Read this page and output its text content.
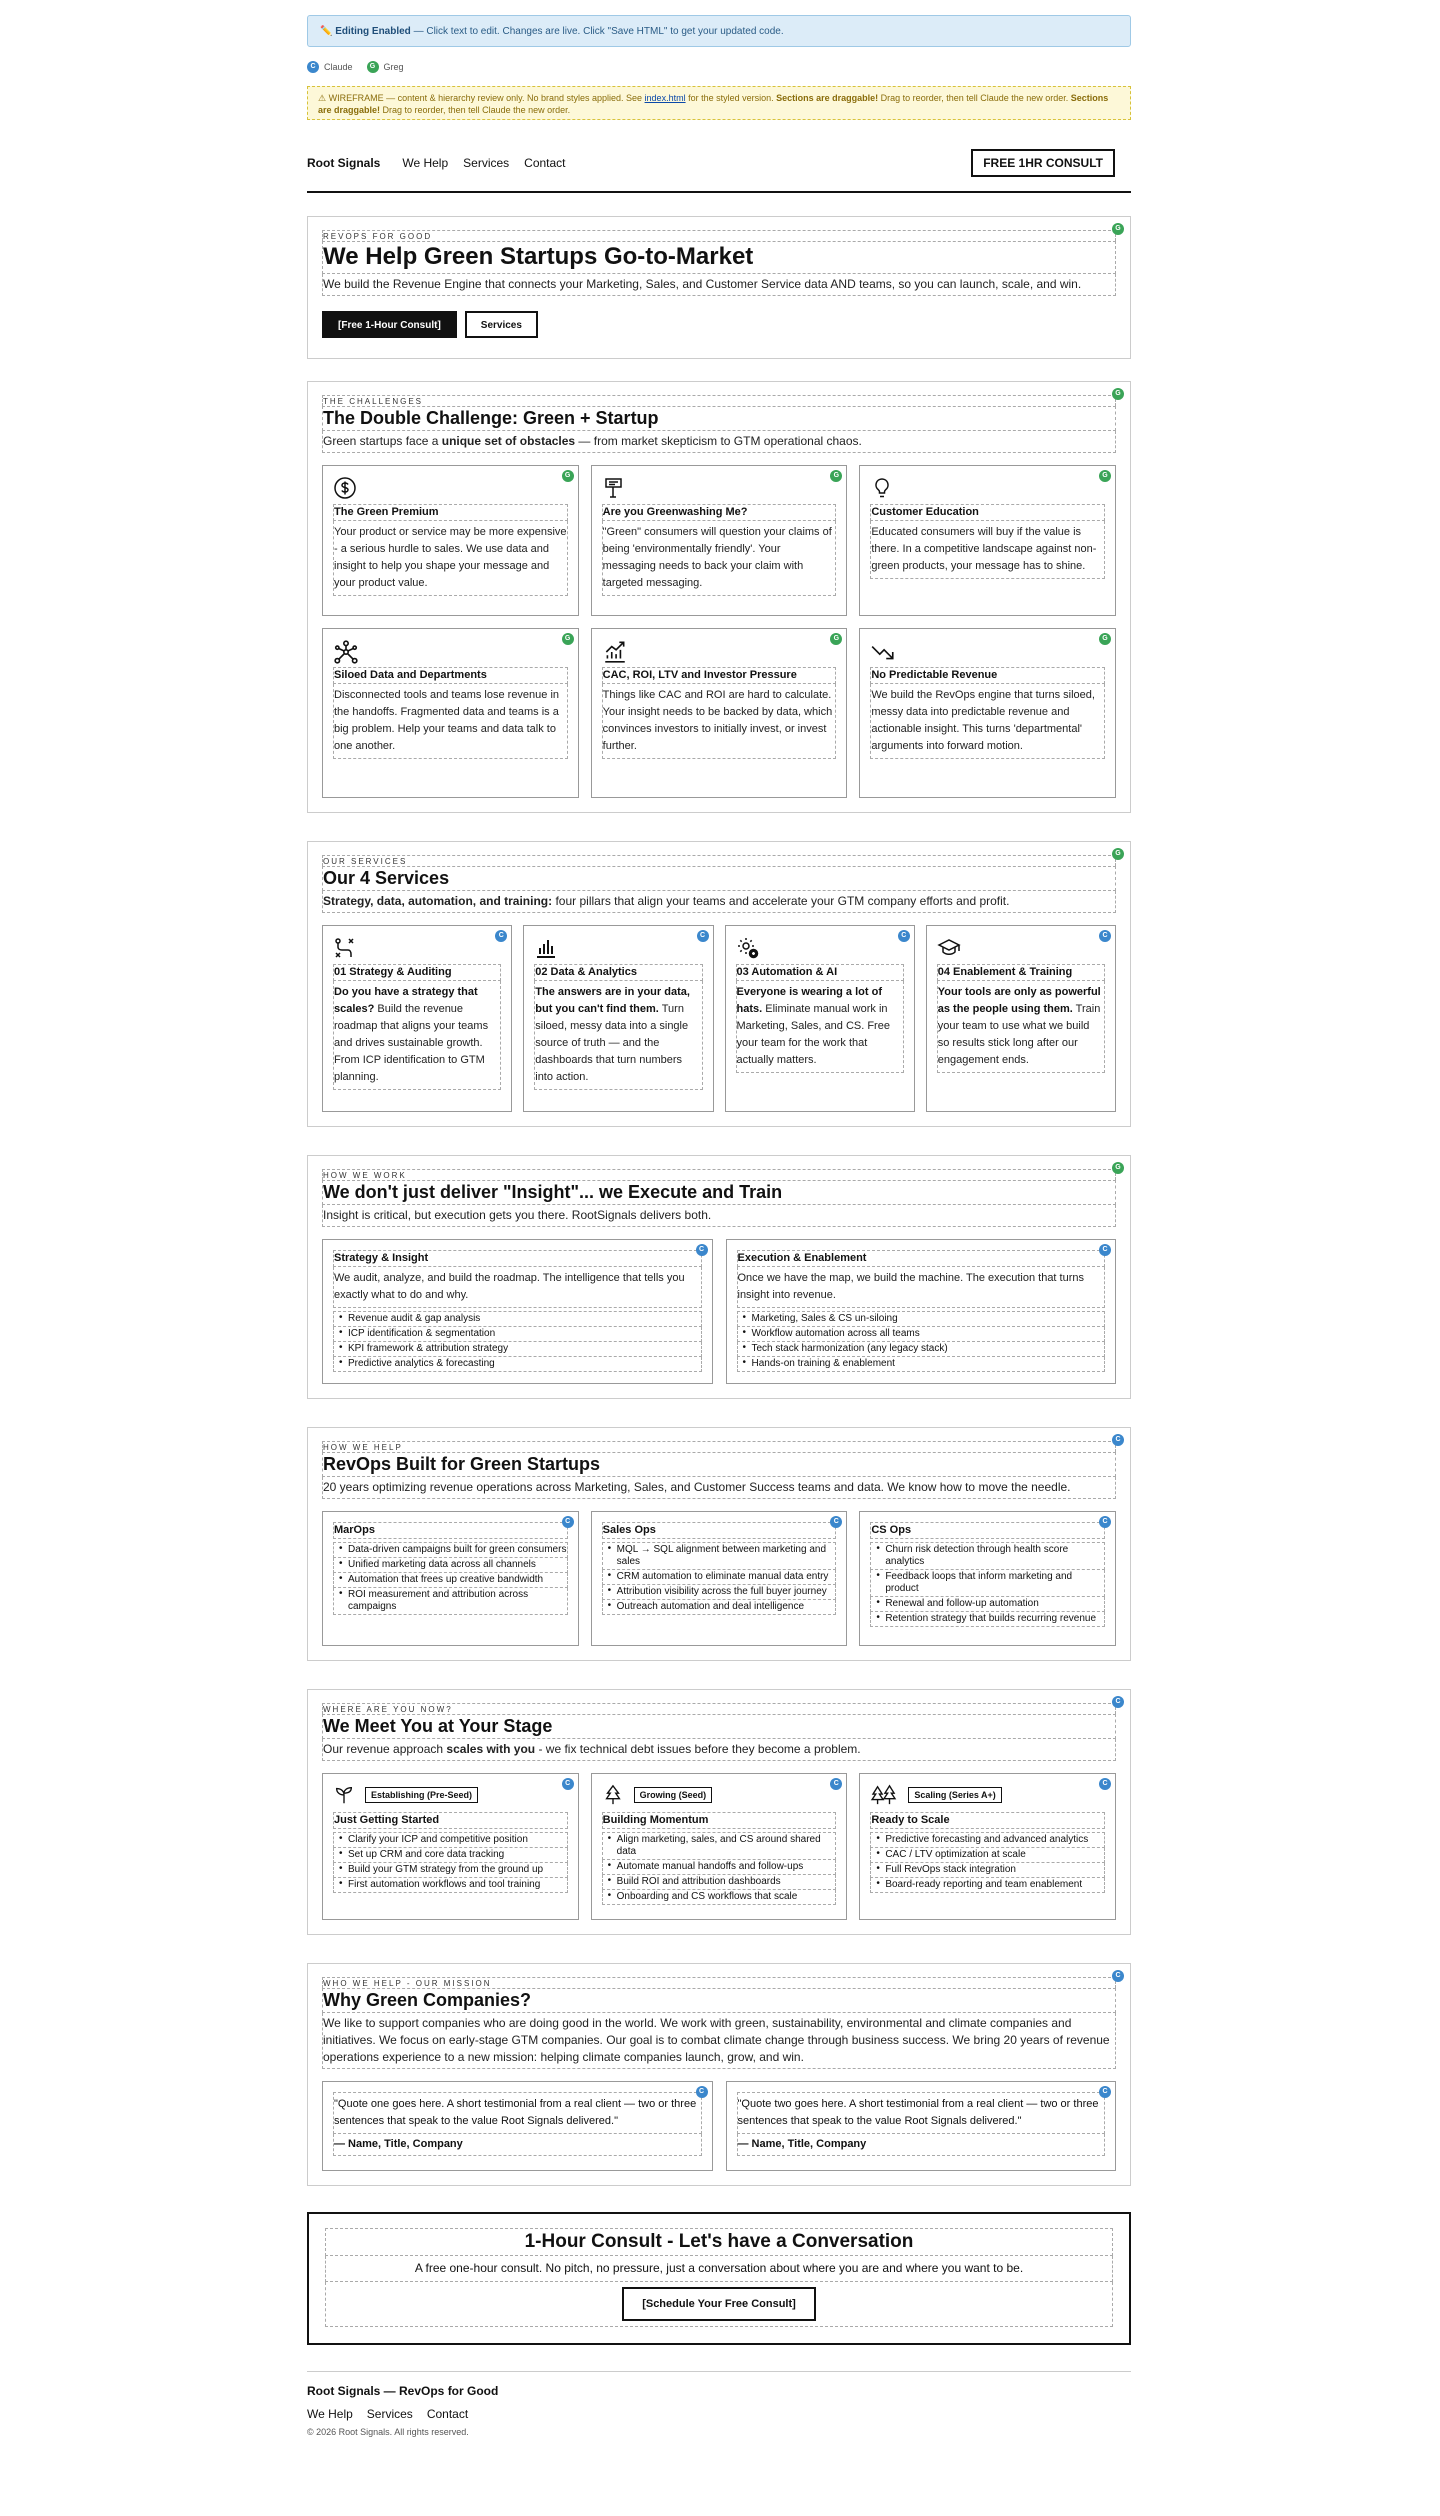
✏️ Editing Enabled — Click text to edit. Changes are live. Click "Save HTML" to get your updated code.
C Claude	G Greg
⚠ WIREFRAME — content & hierarchy review only. No brand styles applied. See index.html for the styled version. Sections are draggable! Drag to reorder, then tell Claude the new order. Sections are draggable! Drag to reorder, then tell Claude the new order.
Root Signals We Help Services Contact	FREE 1HR CONSULT
G
REVOPS FOR GOOD
We Help Green Startups Go-to-Market
We build the Revenue Engine that connects your Marketing, Sales, and Customer Service data AND teams, so you can launch, scale, and win.
[Free 1-Hour Consult]	Services
G
THE CHALLENGES
The Double Challenge: Green + Startup
Green startups face a unique set of obstacles — from market skepticism to GTM operational chaos.
G
The Green Premium
Your product or service may be more expensive - a serious hurdle to sales. We use data and insight to help you shape your message and your product value.
G
Are you Greenwashing Me?
"Green" consumers will question your claims of being 'environmentally friendly'. Your messaging needs to back your claim with targeted messaging.
G
Customer Education
Educated consumers will buy if the value is there. In a competitive landscape against non-green products, your message has to shine.
G
Siloed Data and Departments
Disconnected tools and teams lose revenue in the handoffs. Fragmented data and teams is a big problem. Help your teams and data talk to one another.
G
CAC, ROI, LTV and Investor Pressure
Things like CAC and ROI are hard to calculate. Your insight needs to be backed by data, which convinces investors to initially invest, or invest further.
G
No Predictable Revenue
We build the RevOps engine that turns siloed, messy data into predictable revenue and actionable insight. This turns 'departmental' arguments into forward motion.
G
OUR SERVICES
Our 4 Services
Strategy, data, automation, and training: four pillars that align your teams and accelerate your GTM company efforts and profit.
C
01 Strategy & Auditing
Do you have a strategy that scales? Build the revenue roadmap that aligns your teams and drives sustainable growth. From ICP identification to GTM planning.
C
02 Data & Analytics
The answers are in your data, but you can't find them. Turn siloed, messy data into a single source of truth — and the dashboards that turn numbers into action.
C
03 Automation & AI
Everyone is wearing a lot of hats. Eliminate manual work in Marketing, Sales, and CS. Free your team for the work that actually matters.
C
04 Enablement & Training
Your tools are only as powerful as the people using them. Train your team to use what we build so results stick long after our engagement ends.
G
HOW WE WORK
We don't just deliver "Insight"... we Execute and Train
Insight is critical, but execution gets you there. RootSignals delivers both.
C
Strategy & Insight
We audit, analyze, and build the roadmap. The intelligence that tells you exactly what to do and why.
• Revenue audit & gap analysis
• ICP identification & segmentation
• KPI framework & attribution strategy
• Predictive analytics & forecasting
C
Execution & Enablement
Once we have the map, we build the machine. The execution that turns insight into revenue.
• Marketing, Sales & CS un-siloing
• Workflow automation across all teams
• Tech stack harmonization (any legacy stack)
• Hands-on training & enablement
C
HOW WE HELP
RevOps Built for Green Startups
20 years optimizing revenue operations across Marketing, Sales, and Customer Success teams and data. We know how to move the needle.
C
MarOps
• Data-driven campaigns built for green consumers
• Unified marketing data across all channels
• Automation that frees up creative bandwidth
• ROI measurement and attribution across campaigns
C
Sales Ops
• MQL → SQL alignment between marketing and sales
• CRM automation to eliminate manual data entry
• Attribution visibility across the full buyer journey
• Outreach automation and deal intelligence
C
CS Ops
• Churn risk detection through health score analytics
• Feedback loops that inform marketing and product
• Renewal and follow-up automation
• Retention strategy that builds recurring revenue
C
WHERE ARE YOU NOW?
We Meet You at Your Stage
Our revenue approach scales with you - we fix technical debt issues before they become a problem.
C
Establishing (Pre-Seed)
Just Getting Started
• Clarify your ICP and competitive position
• Set up CRM and core data tracking
• Build your GTM strategy from the ground up
• First automation workflows and tool training
C
Growing (Seed)
Building Momentum
• Align marketing, sales, and CS around shared data
• Automate manual handoffs and follow-ups
• Build ROI and attribution dashboards
• Onboarding and CS workflows that scale
C
Scaling (Series A+)
Ready to Scale
• Predictive forecasting and advanced analytics
• CAC / LTV optimization at scale
• Full RevOps stack integration
• Board-ready reporting and team enablement
C
WHO WE HELP - OUR MISSION
Why Green Companies?
We like to support companies who are doing good in the world. We work with green, sustainability, environmental and climate companies and initiatives. We focus on early-stage GTM companies. Our goal is to combat climate change through business success. We bring 20 years of revenue operations experience to a new mission: helping climate companies launch, grow, and win.
C
"Quote one goes here. A short testimonial from a real client — two or three sentences that speak to the value Root Signals delivered."
— Name, Title, Company
C
"Quote two goes here. A short testimonial from a real client — two or three sentences that speak to the value Root Signals delivered."
— Name, Title, Company
1-Hour Consult - Let's have a Conversation
A free one-hour consult. No pitch, no pressure, just a conversation about where you are and where you want to be.
[Schedule Your Free Consult]
Root Signals — RevOps for Good
We Help Services Contact
© 2026 Root Signals. All rights reserved.
